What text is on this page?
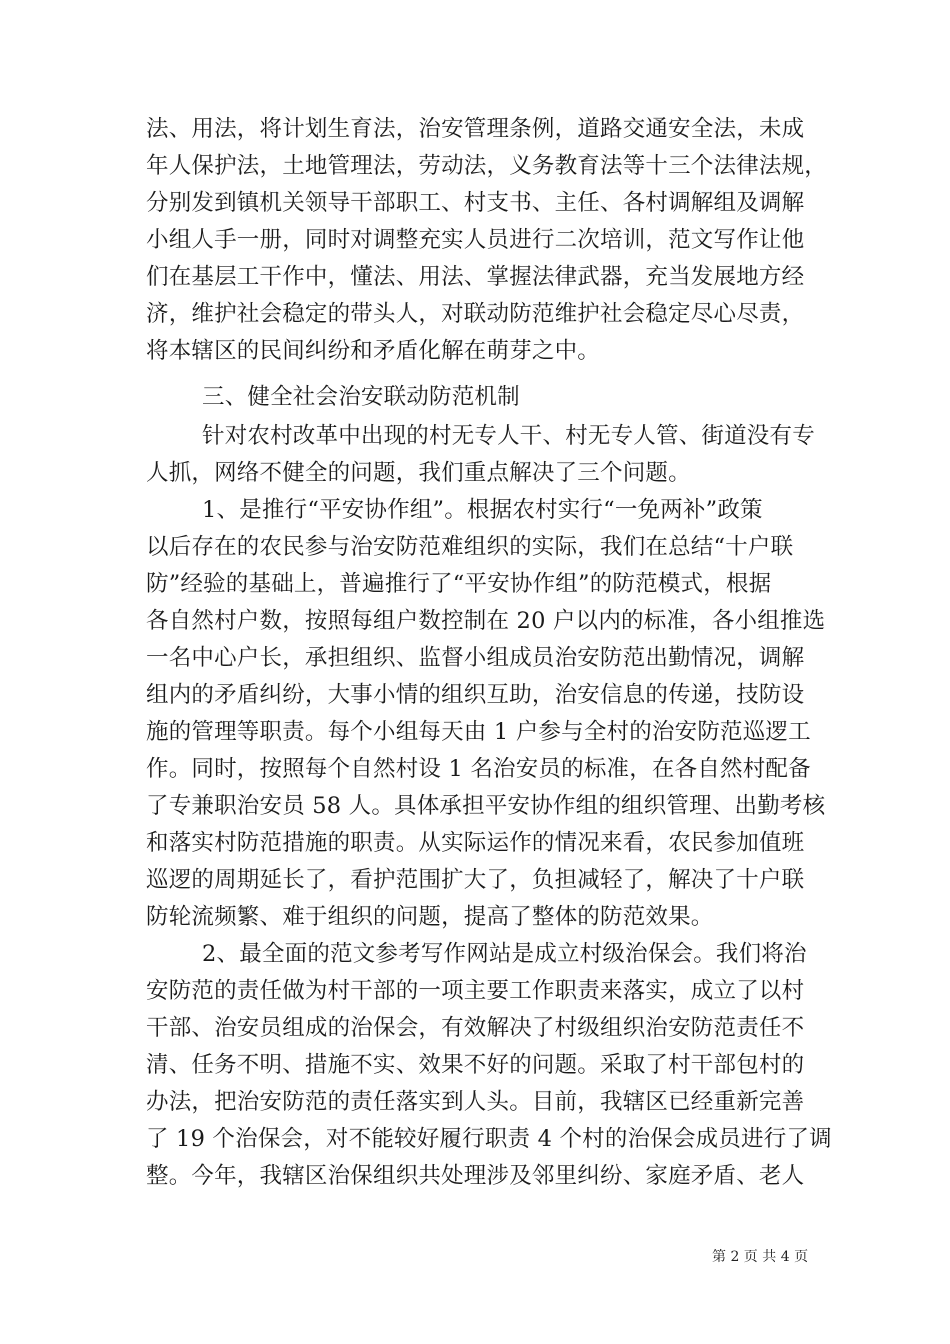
法、用法，将计划生育法，治安管理条例，道路交通安全法，未成
年人保护法，土地管理法，劳动法，义务教育法等十三个法律法规，
分别发到镇机关领导干部职工、村支书、主任、各村调解组及调解
小组人手一册，同时对调整充实人员进行二次培训，范文写作让他
们在基层工干作中，懂法、用法、掌握法律武器，充当发展地方经
济，维护社会稳定的带头人，对联动防范维护社会稳定尽心尽责，
将本辖区的民间纠纷和矛盾化解在萌芽之中。
三、健全社会治安联动防范机制
针对农村改革中出现的村无专人干、村无专人管、街道没有专
人抓，网络不健全的问题，我们重点解决了三个问题。
1、是推行“平安协作组”。根据农村实行“一免两补”政策
以后存在的农民参与治安防范难组织的实际，我们在总结“十户联
防”经验的基础上，普遍推行了“平安协作组”的防范模式，根据
各自然村户数，按照每组户数控制在 20 户以内的标准，各小组推选
一名中心户长，承担组织、监督小组成员治安防范出勤情况，调解
组内的矛盾纠纷，大事小情的组织互助，治安信息的传递，技防设
施的管理等职责。每个小组每天由 1 户参与全村的治安防范巡逻工
作。同时，按照每个自然村设 1 名治安员的标准，在各自然村配备
了专兼职治安员 58 人。具体承担平安协作组的组织管理、出勤考核
和落实村防范措施的职责。从实际运作的情况来看，农民参加值班
巡逻的周期延长了，看护范围扩大了，负担减轻了，解决了十户联
防轮流频繁、难于组织的问题，提高了整体的防范效果。
2、最全面的范文参考写作网站是成立村级治保会。我们将治
安防范的责任做为村干部的一项主要工作职责来落实，成立了以村
干部、治安员组成的治保会，有效解决了村级组织治安防范责任不
清、任务不明、措施不实、效果不好的问题。采取了村干部包村的
办法，把治安防范的责任落实到人头。目前，我辖区已经重新完善
了 19 个治保会，对不能较好履行职责 4 个村的治保会成员进行了调
整。今年，我辖区治保组织共处理涉及邻里纠纷、家庭矛盾、老人
第 2 页 共 4 页
